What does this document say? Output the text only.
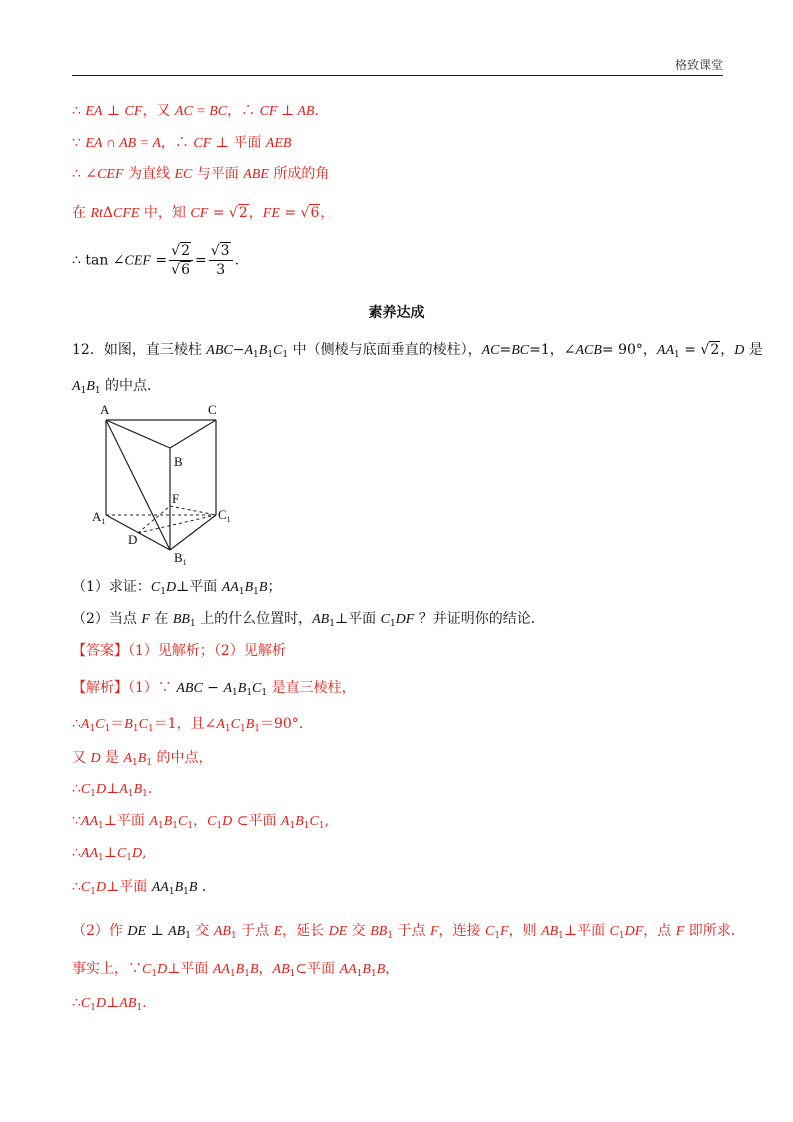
格致课堂
∴ EA ⊥ CF，又 AC = BC，∴ CF ⊥ AB.
∵ EA ∩ AB = A，∴ CF ⊥ 平面 AEB
∴ ∠CEF 为直线 EC 与平面 ABE 所成的角
在 RtΔCFE 中，知 CF = √2，FE = √6，
∴ tan ∠CEF = $\frac{√2}{√6} = \frac{√3}{3}$ .
素养达成
12．如图，直三棱柱 $ABC-A_1B_1C_1$ 中（侧棱与底面垂直的棱柱），AC=BC=1，∠ACB= 90°，$AA_1 = √2$，D 是
$A_1B_1$ 的中点．
A	C
B
F
$A_1$	$C_1$
D
$B_1$
（1）求证：$C_1D\perp$平面 $AA_1B_1B$；
（2）当点 F 在 $BB_1$ 上的什么位置时，$AB_1\perp$平面 $C_1DF$ ？并证明你的结论．
【答案】（1）见解析；（2）见解析
【解析】（1）∵ ABC − $A_1B_1C_1$ 是直三棱柱，
$\therefore A_1C_1=B_1C_1=1$，且$\angle A_1C_1B_1=90^\circ$.
又 D 是 $A_1B_1$ 的中点，
$\therefore C_1D\perp A_1B_1$.
$\because AA_1\perp$平面 $A_1B_1C_1$，$C_1D$ ⊂平面 $A_1B_1C_1$,
$\therefore AA_1\perp C_1D$,
$\therefore C_1D\perp$平面 $AA_1B_1B$ .
（2）作 DE ⊥ $AB_1$ 交 $AB_1$ 于点 E，延长 DE 交 $BB_1$ 于点 F，连接 $C_1F$，则 $AB_1\perp$平面 $C_1DF$，点 F 即所求．
事实上，$\because C_1D\perp$平面 $AA_1B_1B$，$AB_1\subset$平面 $AA_1B_1B$，
$\therefore C_1D\perp AB_1$.
